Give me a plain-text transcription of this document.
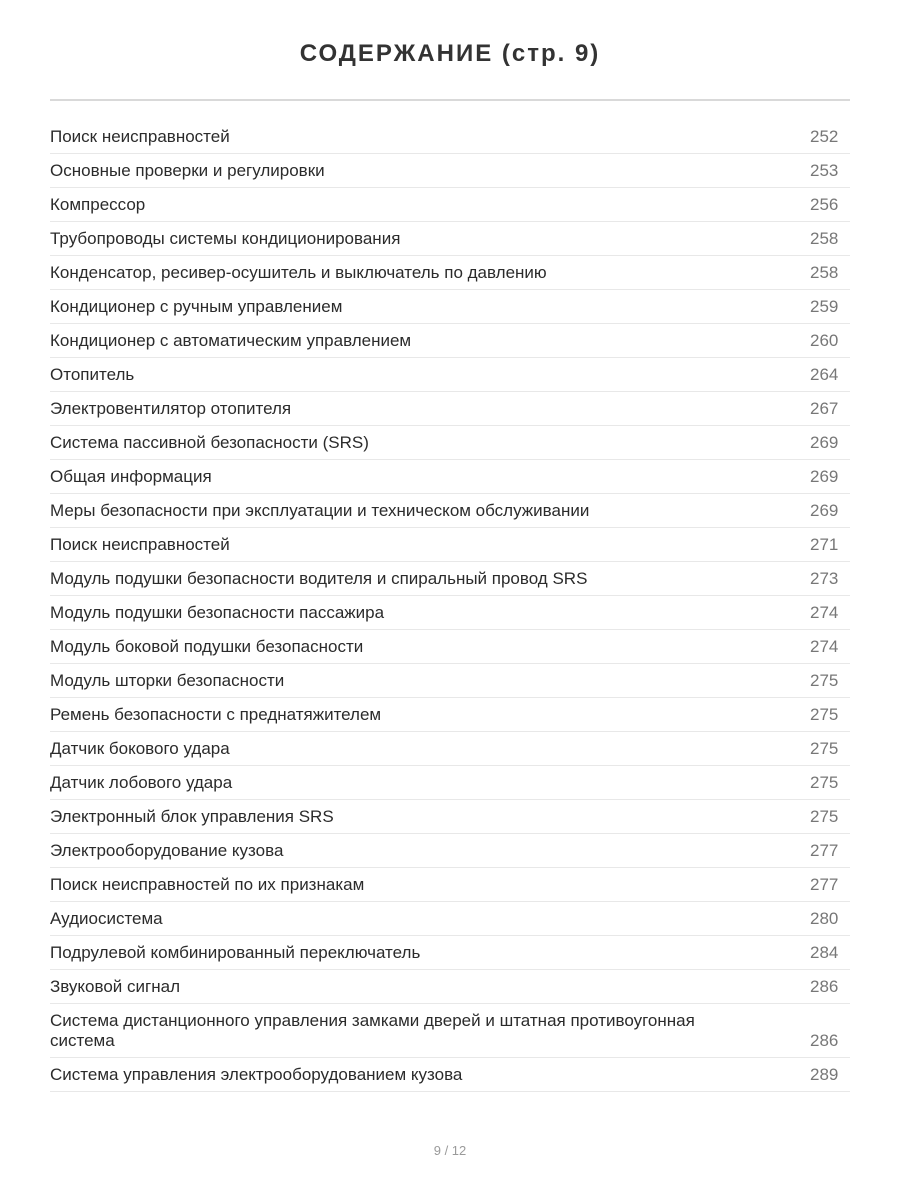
СОДЕРЖАНИЕ (стр. 9)
Поиск неисправностей	252
Основные проверки и регулировки	253
Компрессор	256
Трубопроводы системы кондиционирования	258
Конденсатор, ресивер-осушитель и выключатель по давлению	258
Кондиционер с ручным управлением	259
Кондиционер с автоматическим управлением	260
Отопитель	264
Электровентилятор отопителя	267
Система пассивной безопасности (SRS)	269
Общая информация	269
Меры безопасности при эксплуатации и техническом обслуживании	269
Поиск неисправностей	271
Модуль подушки безопасности водителя и спиральный провод SRS	273
Модуль подушки безопасности пассажира	274
Модуль боковой подушки безопасности	274
Модуль шторки безопасности	275
Ремень безопасности с преднатяжителем	275
Датчик бокового удара	275
Датчик лобового удара	275
Электронный блок управления SRS	275
Электрооборудование кузова	277
Поиск неисправностей по их признакам	277
Аудиосистема	280
Подрулевой комбинированный переключатель	284
Звуковой сигнал	286
Система дистанционного управления замками дверей и штатная противоугонная система	286
Система управления электрооборудованием кузова	289

9 / 12
